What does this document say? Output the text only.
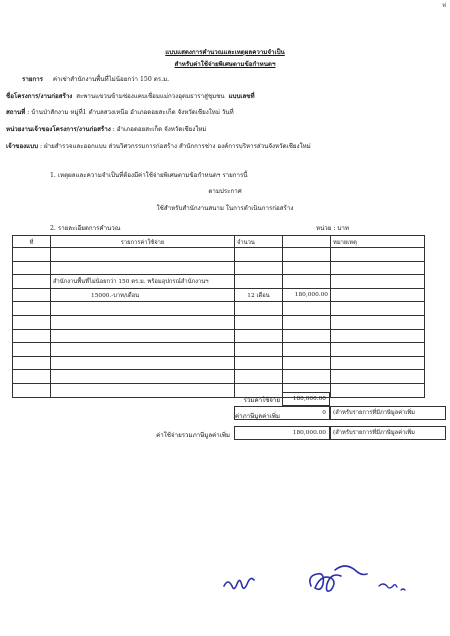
ฟ
แบบแสดงการคำนวณและเหตุผลความจำเป็น
สำหรับค่าใช้จ่ายพิเศษตามข้อกำหนดฯ
รายการ ค่าเช่าสำนักงานพื้นที่ไม่น้อยกว่า 150 ตร.ม.
ชื่อโครงการ/งานก่อสร้าง สะพานแขวนข้ามช่องแคบเชื่อมแม่กวงอุดมธาราสู่ชุมชน แบบเลขที่
สถานที่ : บ้านป่าสักงาม หมู่ที่1 ตำบลสวงเหนือ อำเภอดอยสะเก็ด จังหวัดเชียงใหม่ วันที่
หน่วยงานเจ้าของโครงการ/งานก่อสร้าง : อำเภอดอยสะเก็ด จังหวัดเชียงใหม่
เจ้าของแบบ : ฝ่ายสำรวจและออกแบบ ส่วนวิศวกรรมการก่อสร้าง สำนักการช่าง องค์การบริหารส่วนจังหวัดเชียงใหม่
1. เหตุผลและความจำเป็นที่ต้องมีค่าใช้จ่ายพิเศษตามข้อกำหนดฯ รายการนี้
ตามประกาศ
ใช้สำหรับสำนักงานสนาม ในการดำเนินการก่อสร้าง
2. รายละเอียดการคำนวณ	หน่วย : บาท
ที่	รายการค่าใช้จ่าย	จำนวน		หมายเหตุ

	สำนักงานพื้นที่ไม่น้อยกว่า 150 ตร.ม. พร้อมอุปกรณ์สำนักงานฯ			
	15000.-บาท/เดือน	12 เดือน	180,000.00	

รวมค่าใช้จ่าย	180,000.00
ค่าภาษีมูลค่าเพิ่ม	0	(สำหรับรายการที่มีภาษีมูลค่าเพิ่ม
ค่าใช้จ่ายรวมภาษีมูลค่าเพิ่ม	180,000.00	(สำหรับรายการที่มีภาษีมูลค่าเพิ่ม
